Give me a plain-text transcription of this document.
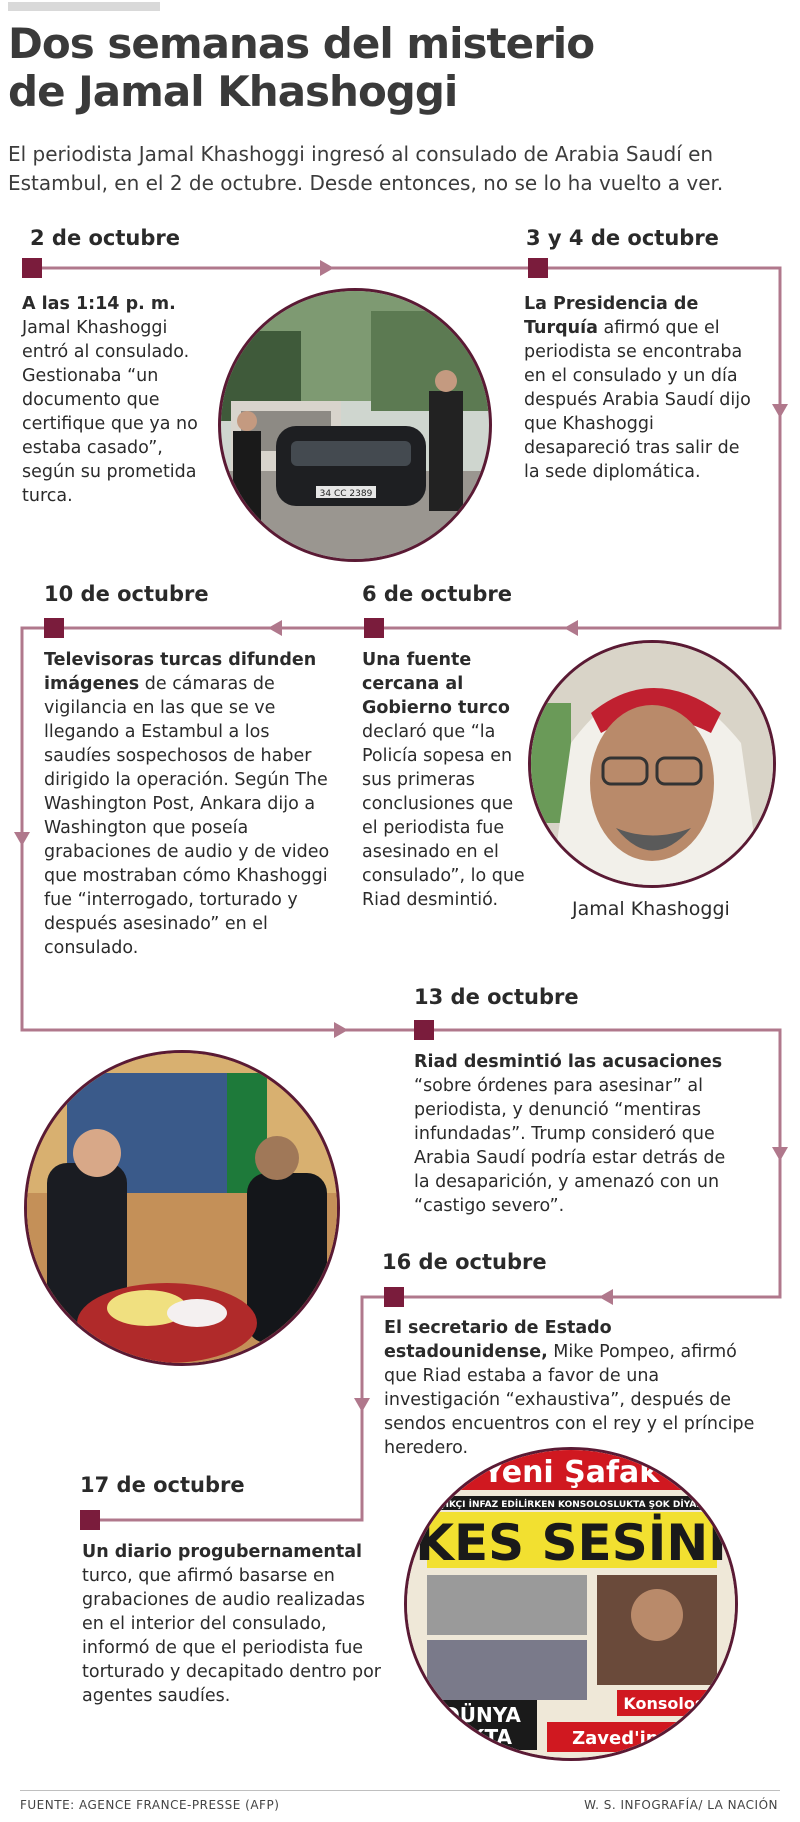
Dos semanas del misterio
de Jamal Khashoggi
El periodista Jamal Khashoggi ingresó al consulado de Arabia Saudí en Estambul, en el 2 de octubre. Desde entonces, no se lo ha vuelto a ver.
2 de octubre	3 y 4 de octubre
10 de octubre	6 de octubre
13 de octubre
16 de octubre
17 de octubre
A las 1:14 p. m.
Jamal Khashoggi entró al consulado. Gestionaba “un documento que certifique que ya no estaba casado”, según su prometida turca.
La Presidencia de Turquía afirmó que el periodista se encontraba en el consulado y un día después Arabia Saudí dijo que Khashoggi desapareció tras salir de la sede diplomática.
Televisoras turcas difunden imágenes de cámaras de vigilancia en las que se ve llegando a Estambul a los saudíes sospechosos de haber dirigido la operación. Según The Washington Post, Ankara dijo a Washington que poseía grabaciones de audio y de video que mostraban cómo Khashoggi fue “interrogado, torturado y después asesinado” en el consulado.
Una fuente cercana al Gobierno turco declaró que “la Policía sopesa en sus primeras conclusiones que el periodista fue asesinado en el consulado”, lo que Riad desmintió.
Riad desmintió las acusaciones “sobre órdenes para asesinar” al periodista, y denunció “mentiras infundadas”. Trump consideró que Arabia Saudí podría estar detrás de la desaparición, y amenazó con un “castigo severo”.
El secretario de Estado estadounidense, Mike Pompeo, afirmó que Riad estaba a favor de una investigación “exhaustiva”, después de sendos encuentros con el rey y el príncipe heredero.
Un diario progubernamental turco, que afirmó basarse en grabaciones de audio realizadas en el interior del consulado, informó de que el periodista fue torturado y decapitado dentro por agentes saudíes.
34 CC 2389
Jamal Khashoggi
Yeni Şafak
KAŞIKÇI İNFAZ EDİLİRKEN KONSOLOSLUKTA ŞOK DİYALOG
KES SESİNİ
DÜNYA
OKTA
Konsolos k
Zaved'in kir
FUENTE: AGENCE FRANCE-PRESSE (AFP)	W. S. INFOGRAFÍA/ LA NACIÓN
